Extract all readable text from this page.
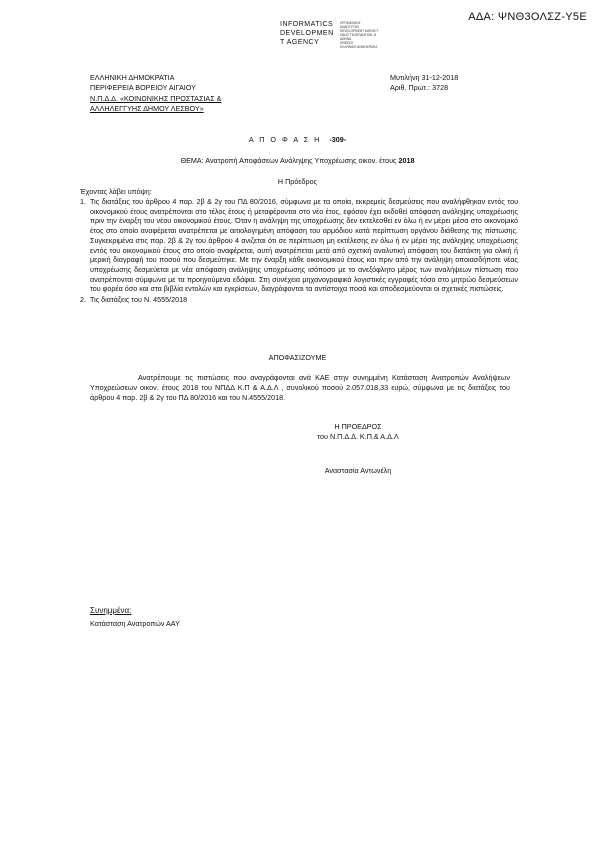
ΑΔΑ: ΨΝΘ3ΟΛΣΖ-Υ5Ε
INFORMATICS
DEVELOPMEN
T AGENCY
ΟΡΓΑΝΙΣΜΟΣ
ΑΝΑΠΤΥΞΗΣ
DEVELOPMENT AGENCY
ΟΔΟΣ ΤΕΛΕΠΑΝΤΙΩΝ 11
ΑΘΗΝΑ
GREECE
ΕΛΛΗΝΙΚΗ ΔΗΜΟΚΡΑΤΙΑ
ΕΛΛΗΝΙΚΗ ΔΗΜΟΚΡΑΤΙΑ
ΠΕΡΙΦΕΡΕΙΑ ΒΟΡΕΙΟΥ ΑΙΓΑΙΟΥ
Ν.Π.Δ.Δ. «ΚΟΙΝΩΝΙΚΗΣ ΠΡΟΣΤΑΣΙΑΣ &
ΑΛΛΗΛΕΓΓΥΗΣ ΔΗΜΟΥ ΛΕΣΒΟΥ»
Μυτιλήνη 31-12-2018
Αριθ. Πρωτ.: 3728
Α Π Ο Φ Α Σ Η -309-
ΘΕΜΑ: Ανατροπή Αποφάσεων Ανάληψης Υποχρέωσης οικον. έτους 2018
Η Πρόεδρος
Έχοντας λάβει υπόψη:
1. Τις διατάξεις του άρθρου 4 παρ. 2β & 2γ του ΠΔ 80/2016, σύμφωνα με τα οποία, εκκρεμείς δεσμεύσεις που αναλήφθηκαν εντός του οικονομικού έτους ανατρέπονται στο τέλος έτους ή μεταφέρονται στο νέο έτος, εφόσον έχει εκδοθεί απόφαση ανάληψης υποχρέωσης πριν την έναρξη του νέου οικονομικού έτους. Όταν η ανάληψη της υποχρέωσης δεν εκτελεσθεί εν όλω ή εν μέρει μέσα στο οικονομικό έτος στο οποίο αναφέρεται ανατρέπεται με αιτιολογημένη απόφαση του αρμόδιου κατά περίπτωση οργάνου διάθεσης της πίστωσης. Συγκεκριμένα στις παρ. 2β & 2γ του άρθρου 4 ανιζεται ότι σε περίπτωση μη εκτέλεσης εν όλω ή εν μέρει της ανάληψης υποχρέωσης εντός του οικονομικού έτους στο οποίο αναφέρεται, αυτή ανατρέπεται μετά από σχετική αναλυτική απόφαση του διατάκτη για ολική ή μερική διαγραφή του ποσού που δεσμεύτηκε. Με την έναρξη κάθε οικονομικού έτους και πριν από την ανάληψη οποιασδήποτε νέας υποχρέωσης δεσμεύεται με νέα απόφαση ανάληψης υποχρέωσης ισόποσο με το ανεξόφλητο μέρος των αναλήψεων πίστωση που ανατρέπονται σύμφωνα με τα προηγούμενα εδάφια. Στη συνέχεια μηχανογραφικά λογιστικές εγγραφές τόσο στο μητρώο δεσμεύσεων του φορέα όσο και στα βιβλία εντολών και εγκρίσεων, διαγράφονται τα αντίστοιχα ποσά και αποδεσμεύονται οι σχετικές πιστώσεις.
2. Τις διατάξεις του Ν. 4555/2018
ΑΠΟΦΑΣΙΖΟΥΜΕ
Ανατρέπουμε τις πιστώσεις που αναγράφονται ανά ΚΑΕ στην συνημμένη Κατάσταση Ανατροπών Αναλήψεων Υποχρεώσεων οικον. έτους 2018 του ΝΠΔΔ Κ.Π & Α.Δ.Λ , συνολικού ποσού 2.057.018,33 ευρώ, σύμφωνα με τις διατάξεις του άρθρου 4 παρ. 2β & 2γ του ΠΔ 80/2016 και του Ν.4555/2018.
Η ΠΡΟΕΔΡΟΣ
του Ν.Π.Δ.Δ. Κ.Π.& Α.Δ.Λ
Αναστασία Αντωνέλη
Συνημμένα:
Κατάσταση Ανατροπών ΑΑΥ
